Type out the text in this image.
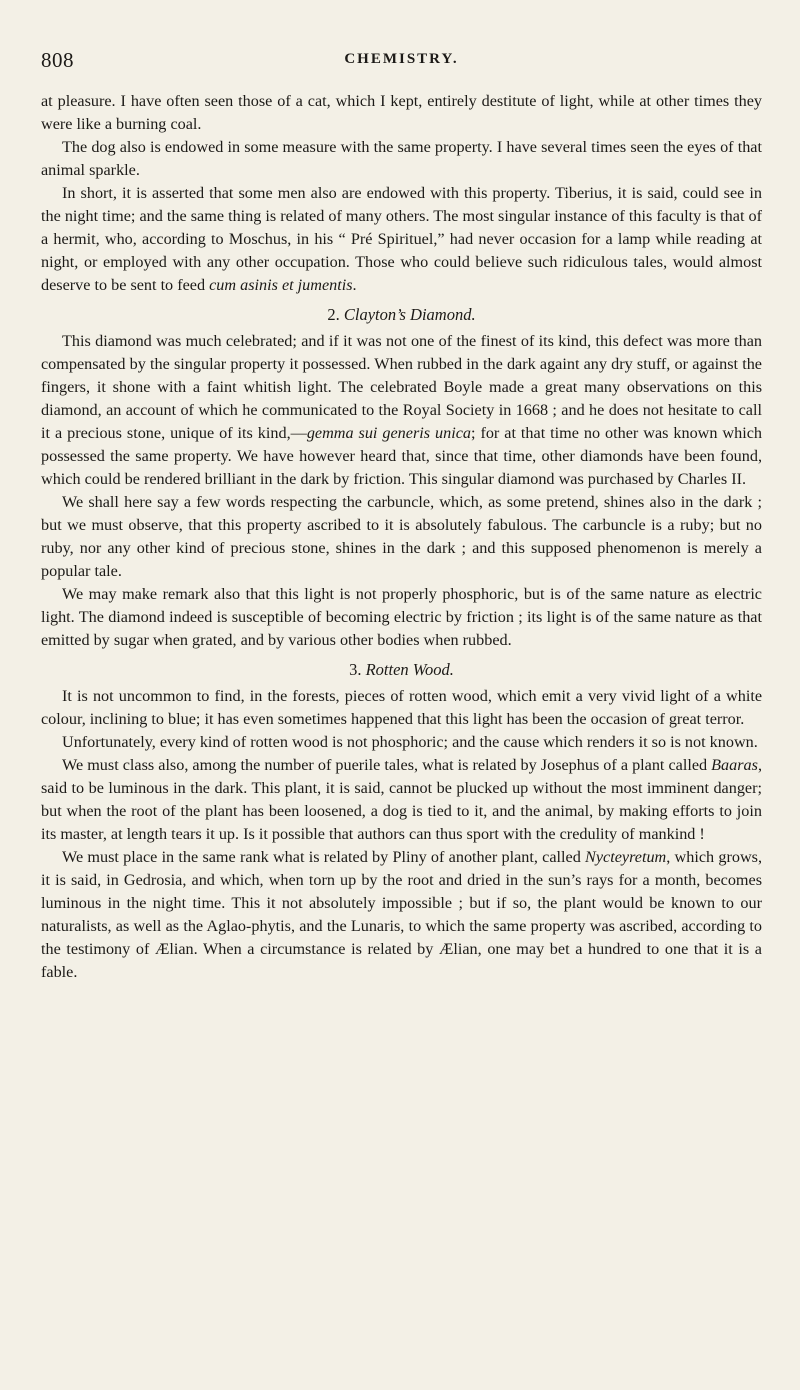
808	CHEMISTRY.

at pleasure. I have often seen those of a cat, which I kept, entirely destitute of light, while at other times they were like a burning coal.

The dog also is endowed in some measure with the same property. I have several times seen the eyes of that animal sparkle.

In short, it is asserted that some men also are endowed with this property. Tiberius, it is said, could see in the night time; and the same thing is related of many others. The most singular instance of this faculty is that of a hermit, who, according to Moschus, in his “ Pré Spirituel,” had never occasion for a lamp while reading at night, or employed with any other occupation. Those who could believe such ridiculous tales, would almost deserve to be sent to feed cum asinis et jumentis.

2. Clayton’s Diamond.

This diamond was much celebrated; and if it was not one of the finest of its kind, this defect was more than compensated by the singular property it possessed. When rubbed in the dark againt any dry stuff, or against the fingers, it shone with a faint whitish light. The celebrated Boyle made a great many observations on this diamond, an account of which he communicated to the Royal Society in 1668 ; and he does not hesitate to call it a precious stone, unique of its kind,—gemma sui generis unica; for at that time no other was known which possessed the same property. We have however heard that, since that time, other diamonds have been found, which could be rendered brilliant in the dark by friction. This singular diamond was purchased by Charles II.

We shall here say a few words respecting the carbuncle, which, as some pretend, shines also in the dark ; but we must observe, that this property ascribed to it is absolutely fabulous. The carbuncle is a ruby; but no ruby, nor any other kind of precious stone, shines in the dark ; and this supposed phenomenon is merely a popular tale.

We may make remark also that this light is not properly phosphoric, but is of the same nature as electric light. The diamond indeed is susceptible of becoming electric by friction ; its light is of the same nature as that emitted by sugar when grated, and by various other bodies when rubbed.

3. Rotten Wood.

It is not uncommon to find, in the forests, pieces of rotten wood, which emit a very vivid light of a white colour, inclining to blue; it has even sometimes happened that this light has been the occasion of great terror.

Unfortunately, every kind of rotten wood is not phosphoric; and the cause which renders it so is not known.

We must class also, among the number of puerile tales, what is related by Josephus of a plant called Baaras, said to be luminous in the dark. This plant, it is said, cannot be plucked up without the most imminent danger; but when the root of the plant has been loosened, a dog is tied to it, and the animal, by making efforts to join its master, at length tears it up. Is it possible that authors can thus sport with the credulity of mankind !

We must place in the same rank what is related by Pliny of another plant, called Nycteyretum, which grows, it is said, in Gedrosia, and which, when torn up by the root and dried in the sun’s rays for a month, becomes luminous in the night time. This it not absolutely impossible ; but if so, the plant would be known to our naturalists, as well as the Aglao-phytis, and the Lunaris, to which the same property was ascribed, according to the testimony of Ælian. When a circumstance is related by Ælian, one may bet a hundred to one that it is a fable.
